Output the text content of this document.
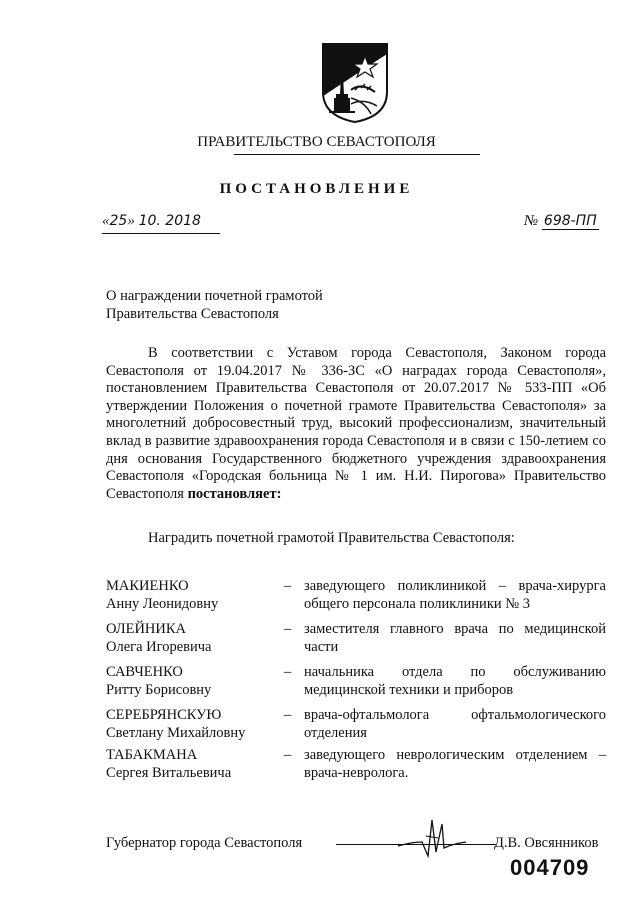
ПРАВИТЕЛЬСТВО СЕВАСТОПОЛЯ
ПОСТАНОВЛЕНИЕ
«25» 10. 2018	№ 698-ПП
О награждении почетной грамотой
Правительства Севастополя
В соответствии с Уставом города Севастополя, Законом города Севастополя от 19.04.2017 № 336-ЗС «О наградах города Севастополя», постановлением Правительства Севастополя от 20.07.2017 № 533-ПП «Об утверждении Положения о почетной грамоте Правительства Севастополя» за многолетний добросовестный труд, высокий профессионализм, значительный вклад в развитие здравоохранения города Севастополя и в связи с 150-летием со дня основания Государственного бюджетного учреждения здравоохранения Севастополя «Городская больница № 1 им. Н.И. Пирогова» Правительство Севастополя постановляет:
Наградить почетной грамотой Правительства Севастополя:
МАКИЕНКО
Анну Леонидовну
– заведующего поликлиникой – врача-хирурга общего персонала поликлиники № 3
ОЛЕЙНИКА
Олега Игоревича
– заместителя главного врача по медицинской части
САВЧЕНКО
Ритту Борисовну
– начальника отдела по обслуживанию медицинской техники и приборов
СЕРЕБРЯНСКУЮ
Светлану Михайловну
– врача-офтальмолога офтальмологического отделения
ТАБАКМАНА
Сергея Витальевича
– заведующего неврологическим отделением – врача-невролога.
Губернатор города Севастополя	Д.В. Овсянников
004709
